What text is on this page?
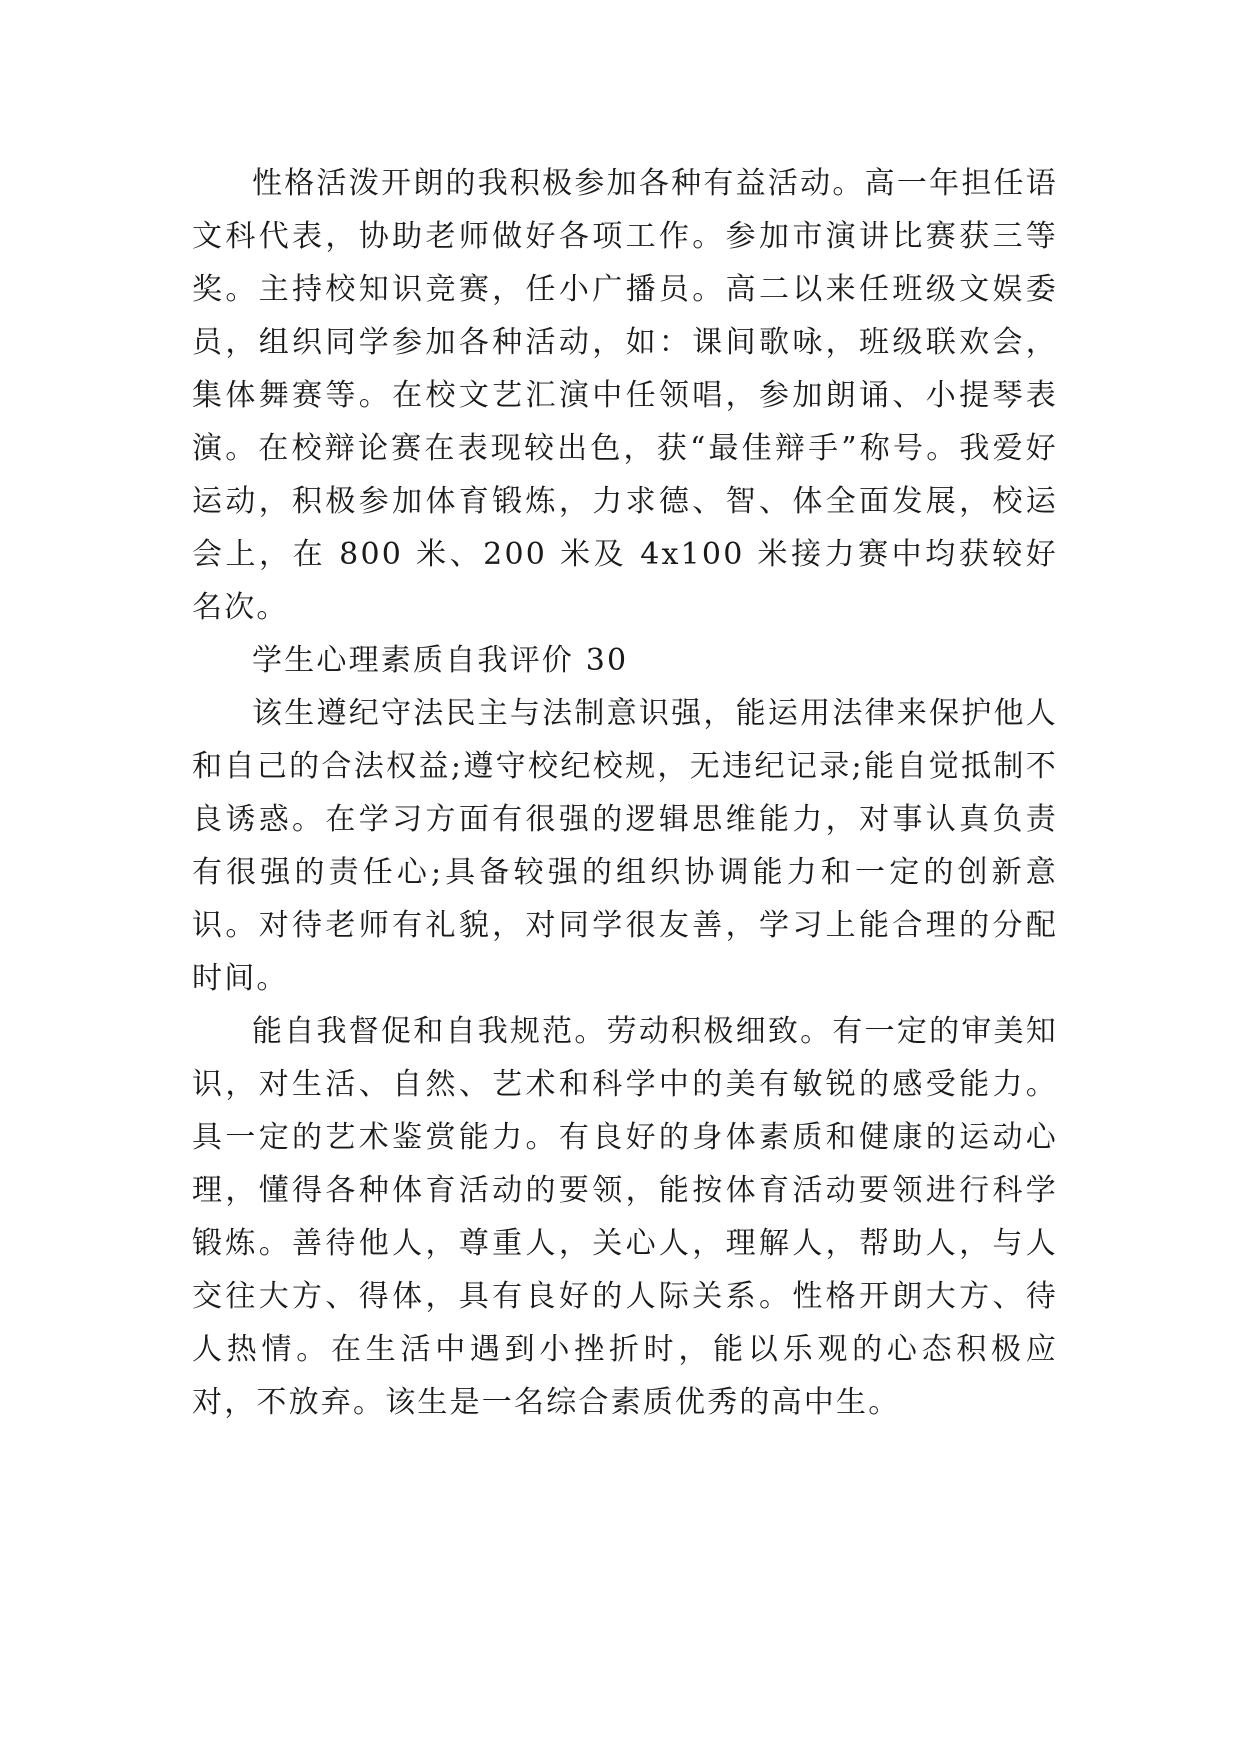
性格活泼开朗的我积极参加各种有益活动。高一年担任语文科代表，协助老师做好各项工作。参加市演讲比赛获三等奖。主持校知识竞赛，任小广播员。高二以来任班级文娱委员，组织同学参加各种活动，如：课间歌咏，班级联欢会，集体舞赛等。在校文艺汇演中任领唱，参加朗诵、小提琴表演。在校辩论赛在表现较出色，获“最佳辩手”称号。我爱好运动，积极参加体育锻炼，力求德、智、体全面发展，校运会上，在 800 米、200 米及 4x100 米接力赛中均获较好名次。

学生心理素质自我评价 30

该生遵纪守法民主与法制意识强，能运用法律来保护他人和自己的合法权益;遵守校纪校规，无违纪记录;能自觉抵制不良诱惑。在学习方面有很强的逻辑思维能力，对事认真负责有很强的责任心;具备较强的组织协调能力和一定的创新意识。对待老师有礼貌，对同学很友善，学习上能合理的分配时间。

能自我督促和自我规范。劳动积极细致。有一定的审美知识，对生活、自然、艺术和科学中的美有敏锐的感受能力。具一定的艺术鉴赏能力。有良好的身体素质和健康的运动心理，懂得各种体育活动的要领，能按体育活动要领进行科学锻炼。善待他人，尊重人，关心人，理解人，帮助人，与人交往大方、得体，具有良好的人际关系。性格开朗大方、待人热情。在生活中遇到小挫折时，能以乐观的心态积极应对，不放弃。该生是一名综合素质优秀的高中生。
